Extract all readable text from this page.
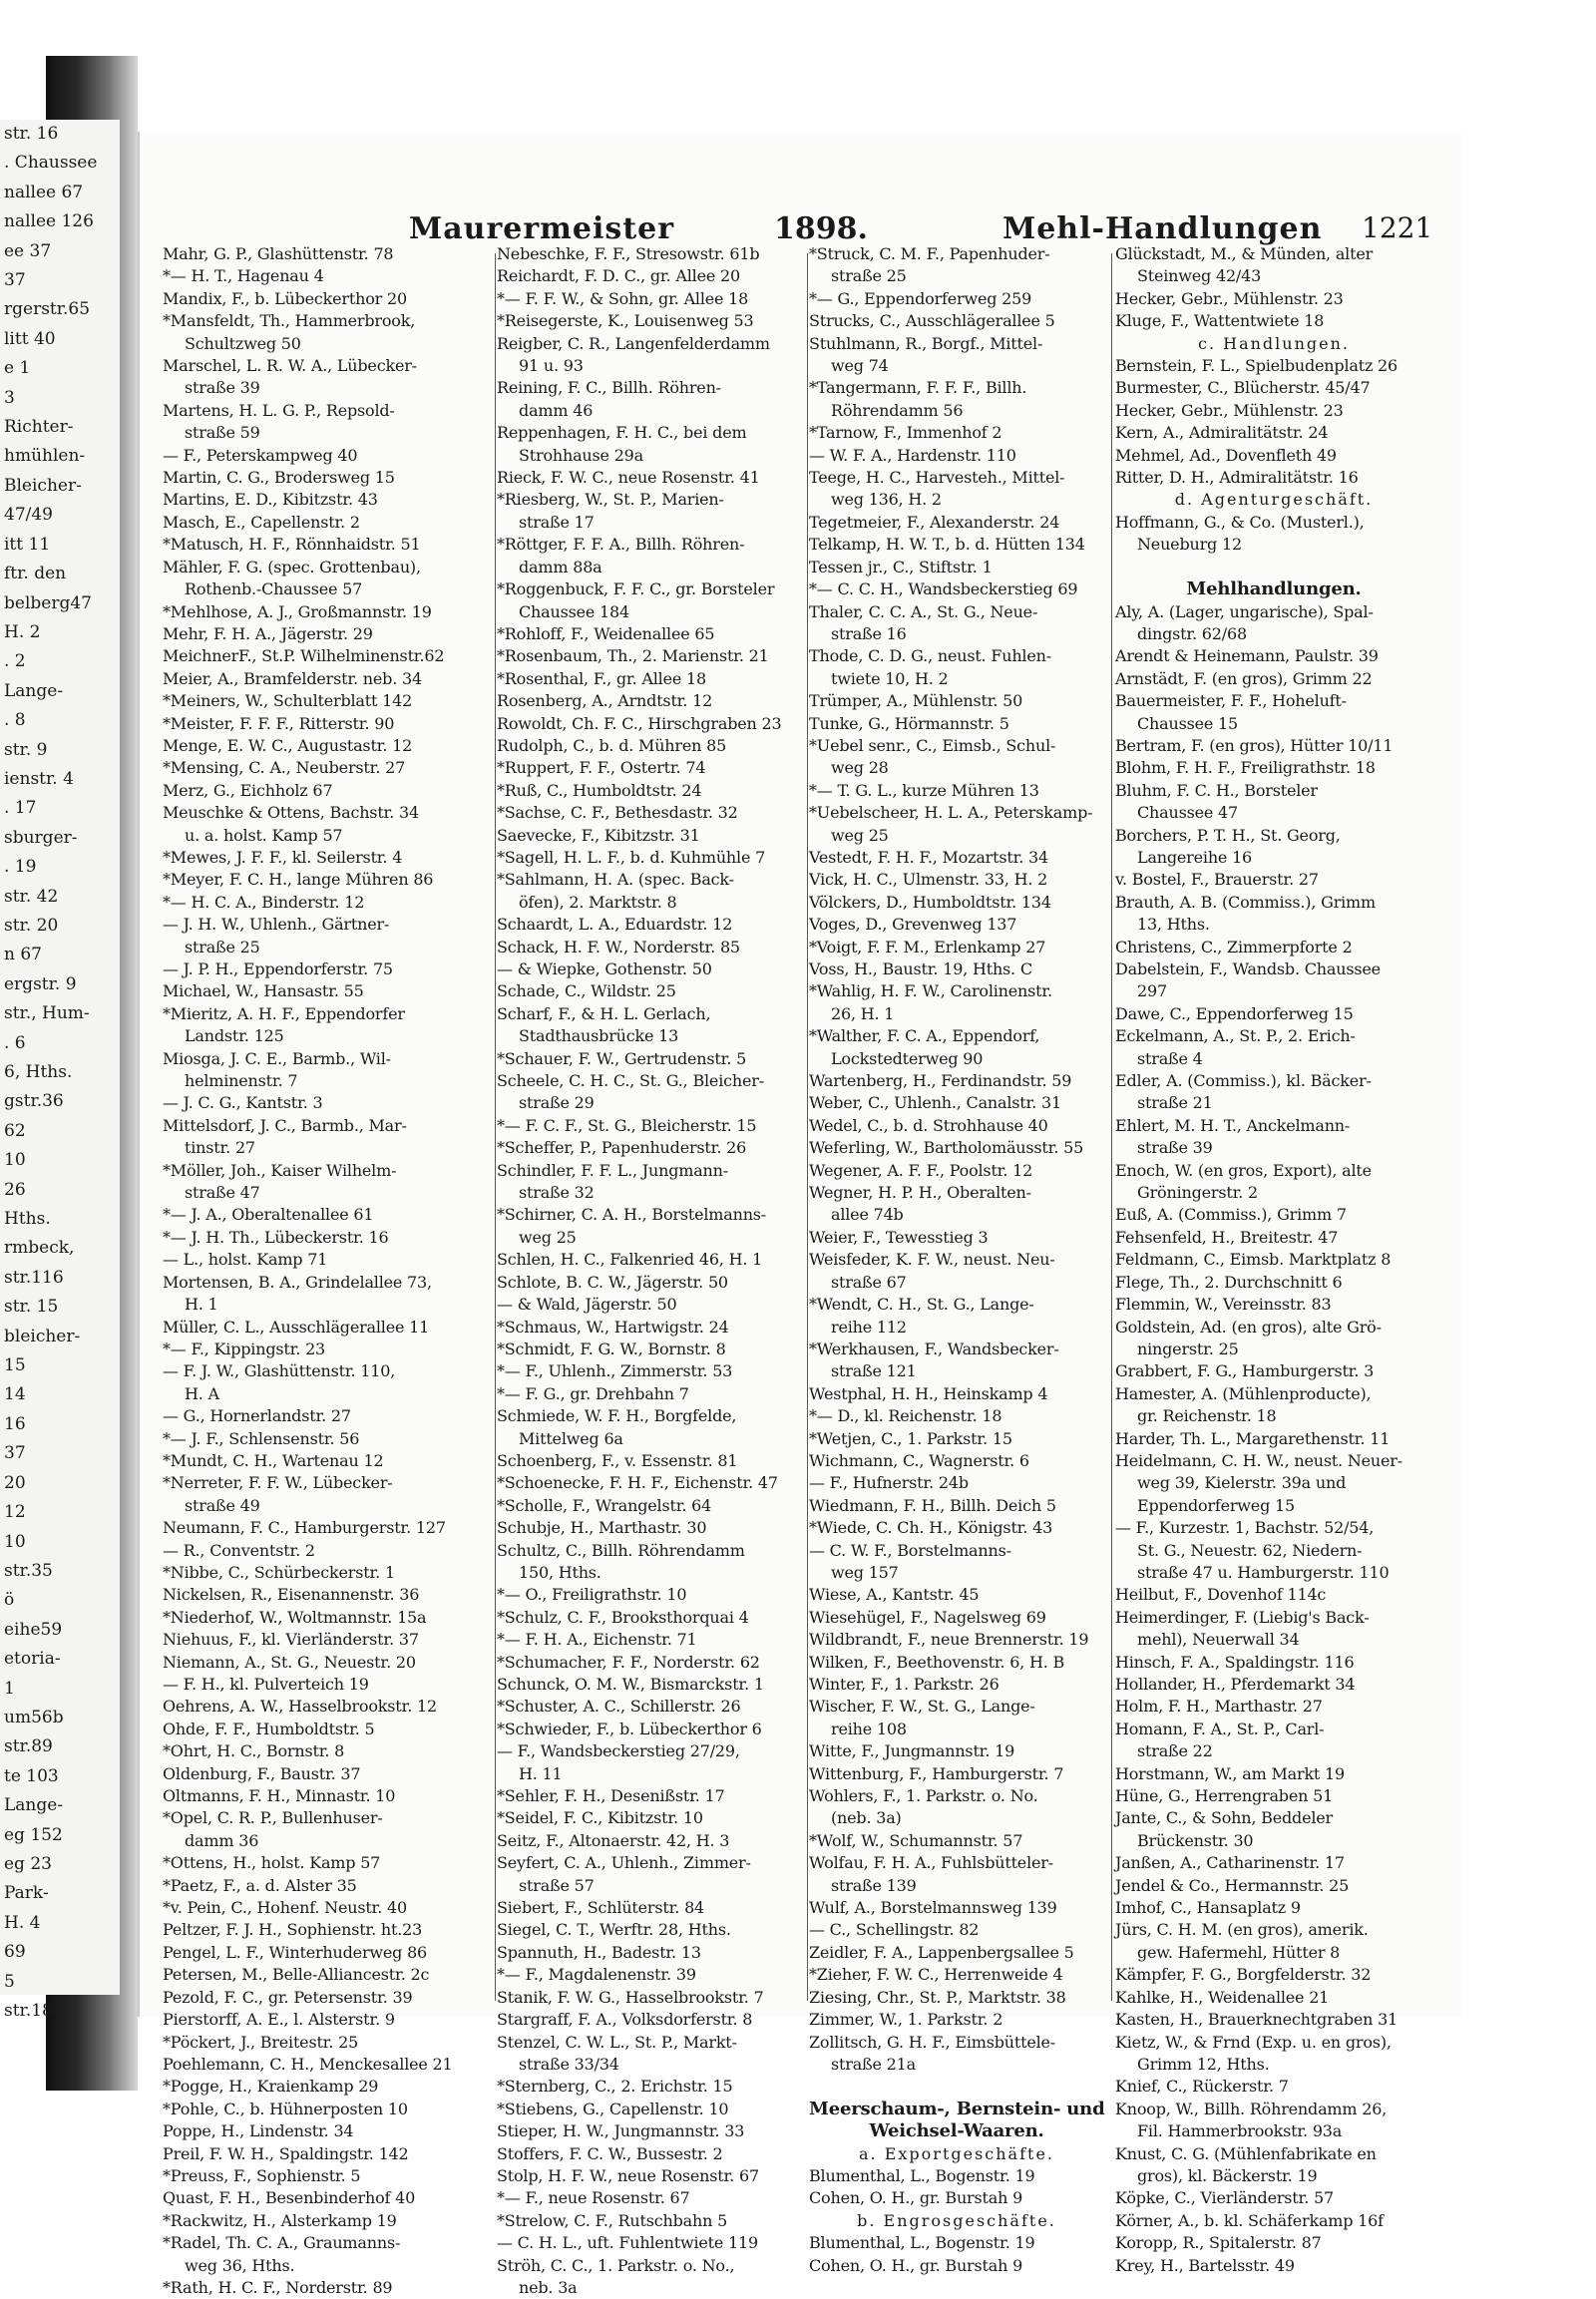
str. 16
. Chaussee
nallee 67
nallee 126
ee 37
37
rgerstr.65
litt 40
e 1
3
Richter-
hmühlen-
Bleicher-
47/49
itt 11
ftr. den
belberg47
H. 2
. 2
Lange-
. 8
str. 9
ienstr. 4
. 17
sburger-
. 19
str. 42
str. 20
n 67
ergstr. 9
str., Hum-
. 6
6, Hths.
gstr.36
62
10
26
Hths.
rmbeck,
str.116
str. 15
bleicher-
15
14
16
37
20
12
10
str.35
ö
eihe59
etoria-
1
um56b
str.89
te 103
Lange-
eg 152
eg 23
Park-
H. 4
69
5
str.18
Maurermeister	1898.	Mehl-Handlungen 1221
Mahr, G. P., Glashüttenstr. 78
*— H. T., Hagenau 4
Mandix, F., b. Lübeckerthor 20
*Mansfeldt, Th., Hammerbrook,
Schultzweg 50
Marschel, L. R. W. A., Lübecker-
straße 39
Martens, H. L. G. P., Repsold-
straße 59
— F., Peterskampweg 40
Martin, C. G., Brodersweg 15
Martins, E. D., Kibitzstr. 43
Masch, E., Capellenstr. 2
*Matusch, H. F., Rönnhaidstr. 51
Mähler, F. G. (spec. Grottenbau),
Rothenb.-Chaussee 57
*Mehlhose, A. J., Großmannstr. 19
Mehr, F. H. A., Jägerstr. 29
MeichnerF., St.P. Wilhelminenstr.62
Meier, A., Bramfelderstr. neb. 34
*Meiners, W., Schulterblatt 142
*Meister, F. F. F., Ritterstr. 90
Menge, E. W. C., Augustastr. 12
*Mensing, C. A., Neuberstr. 27
Merz, G., Eichholz 67
Meuschke & Ottens, Bachstr. 34
u. a. holst. Kamp 57
*Mewes, J. F. F., kl. Seilerstr. 4
*Meyer, F. C. H., lange Mühren 86
*— H. C. A., Binderstr. 12
— J. H. W., Uhlenh., Gärtner-
straße 25
— J. P. H., Eppendorferstr. 75
Michael, W., Hansastr. 55
*Mieritz, A. H. F., Eppendorfer
Landstr. 125
Miosga, J. C. E., Barmb., Wil-
helminenstr. 7
— J. C. G., Kantstr. 3
Mittelsdorf, J. C., Barmb., Mar-
tinstr. 27
*Möller, Joh., Kaiser Wilhelm-
straße 47
*— J. A., Oberaltenallee 61
*— J. H. Th., Lübeckerstr. 16
— L., holst. Kamp 71
Mortensen, B. A., Grindelallee 73,
H. 1
Müller, C. L., Ausschlägerallee 11
*— F., Kippingstr. 23
— F. J. W., Glashüttenstr. 110,
H. A
— G., Hornerlandstr. 27
*— J. F., Schlensenstr. 56
*Mundt, C. H., Wartenau 12
*Nerreter, F. F. W., Lübecker-
straße 49
Neumann, F. C., Hamburgerstr. 127
— R., Conventstr. 2
*Nibbe, C., Schürbeckerstr. 1
Nickelsen, R., Eisenannenstr. 36
*Niederhof, W., Woltmannstr. 15a
Niehuus, F., kl. Vierländerstr. 37
Niemann, A., St. G., Neuestr. 20
— F. H., kl. Pulverteich 19
Oehrens, A. W., Hasselbrookstr. 12
Ohde, F. F., Humboldtstr. 5
*Ohrt, H. C., Bornstr. 8
Oldenburg, F., Baustr. 37
Oltmanns, F. H., Minnastr. 10
*Opel, C. R. P., Bullenhuser-
damm 36
*Ottens, H., holst. Kamp 57
*Paetz, F., a. d. Alster 35
*v. Pein, C., Hohenf. Neustr. 40
Peltzer, F. J. H., Sophienstr. ht.23
Pengel, L. F., Winterhuderweg 86
Petersen, M., Belle-Alliancestr. 2c
Pezold, F. C., gr. Petersenstr. 39
Pierstorff, A. E., l. Alsterstr. 9
*Pöckert, J., Breitestr. 25
Poehlemann, C. H., Menckesallee 21
*Pogge, H., Kraienkamp 29
*Pohle, C., b. Hühnerposten 10
Poppe, H., Lindenstr. 34
Preil, F. W. H., Spaldingstr. 142
*Preuss, F., Sophienstr. 5
Quast, F. H., Besenbinderhof 40
*Rackwitz, H., Alsterkamp 19
*Radel, Th. C. A., Graumanns-
weg 36, Hths.
*Rath, H. C. F., Norderstr. 89
Nebeschke, F. F., Stresowstr. 61b
Reichardt, F. D. C., gr. Allee 20
*— F. F. W., & Sohn, gr. Allee 18
*Reisegerste, K., Louisenweg 53
Reigber, C. R., Langenfelderdamm
91 u. 93
Reining, F. C., Billh. Röhren-
damm 46
Reppenhagen, F. H. C., bei dem
Strohhause 29a
Rieck, F. W. C., neue Rosenstr. 41
*Riesberg, W., St. P., Marien-
straße 17
*Röttger, F. F. A., Billh. Röhren-
damm 88a
*Roggenbuck, F. F. C., gr. Borsteler
Chaussee 184
*Rohloff, F., Weidenallee 65
*Rosenbaum, Th., 2. Marienstr. 21
*Rosenthal, F., gr. Allee 18
Rosenberg, A., Arndtstr. 12
Rowoldt, Ch. F. C., Hirschgraben 23
Rudolph, C., b. d. Mühren 85
*Ruppert, F. F., Ostertr. 74
*Ruß, C., Humboldtstr. 24
*Sachse, C. F., Bethesdastr. 32
Saevecke, F., Kibitzstr. 31
*Sagell, H. L. F., b. d. Kuhmühle 7
*Sahlmann, H. A. (spec. Back-
öfen), 2. Marktstr. 8
Schaardt, L. A., Eduardstr. 12
Schack, H. F. W., Norderstr. 85
— & Wiepke, Gothenstr. 50
Schade, C., Wildstr. 25
Scharf, F., & H. L. Gerlach,
Stadthausbrücke 13
*Schauer, F. W., Gertrudenstr. 5
Scheele, C. H. C., St. G., Bleicher-
straße 29
*— F. C. F., St. G., Bleicherstr. 15
*Scheffer, P., Papenhuderstr. 26
Schindler, F. F. L., Jungmann-
straße 32
*Schirner, C. A. H., Borstelmanns-
weg 25
Schlen, H. C., Falkenried 46, H. 1
Schlote, B. C. W., Jägerstr. 50
— & Wald, Jägerstr. 50
*Schmaus, W., Hartwigstr. 24
*Schmidt, F. G. W., Bornstr. 8
*— F., Uhlenh., Zimmerstr. 53
*— F. G., gr. Drehbahn 7
Schmiede, W. F. H., Borgfelde,
Mittelweg 6a
Schoenberg, F., v. Essenstr. 81
*Schoenecke, F. H. F., Eichenstr. 47
*Scholle, F., Wrangelstr. 64
Schubje, H., Marthastr. 30
Schultz, C., Billh. Röhrendamm
150, Hths.
*— O., Freiligrathstr. 10
*Schulz, C. F., Brooksthorquai 4
*— F. H. A., Eichenstr. 71
*Schumacher, F. F., Norderstr. 62
Schunck, O. M. W., Bismarckstr. 1
*Schuster, A. C., Schillerstr. 26
*Schwieder, F., b. Lübeckerthor 6
— F., Wandsbeckerstieg 27/29,
H. 11
*Sehler, F. H., Desenißstr. 17
*Seidel, F. C., Kibitzstr. 10
Seitz, F., Altonaerstr. 42, H. 3
Seyfert, C. A., Uhlenh., Zimmer-
straße 57
Siebert, F., Schlüterstr. 84
Siegel, C. T., Werftr. 28, Hths.
Spannuth, H., Badestr. 13
*— F., Magdalenenstr. 39
Stanik, F. W. G., Hasselbrookstr. 7
Stargraff, F. A., Volksdorferstr. 8
Stenzel, C. W. L., St. P., Markt-
straße 33/34
*Sternberg, C., 2. Erichstr. 15
*Stiebens, G., Capellenstr. 10
Stieper, H. W., Jungmannstr. 33
Stoffers, F. C. W., Bussestr. 2
Stolp, H. F. W., neue Rosenstr. 67
*— F., neue Rosenstr. 67
*Strelow, C. F., Rutschbahn 5
— C. H. L., uft. Fuhlentwiete 119
Ströh, C. C., 1. Parkstr. o. No.,
neb. 3a
*Struck, C. M. F., Papenhuder-
straße 25
*— G., Eppendorferweg 259
Strucks, C., Ausschlägerallee 5
Stuhlmann, R., Borgf., Mittel-
weg 74
*Tangermann, F. F. F., Billh.
Röhrendamm 56
*Tarnow, F., Immenhof 2
— W. F. A., Hardenstr. 110
Teege, H. C., Harvesteh., Mittel-
weg 136, H. 2
Tegetmeier, F., Alexanderstr. 24
Telkamp, H. W. T., b. d. Hütten 134
Tessen jr., C., Stiftstr. 1
*— C. C. H., Wandsbeckerstieg 69
Thaler, C. C. A., St. G., Neue-
straße 16
Thode, C. D. G., neust. Fuhlen-
twiete 10, H. 2
Trümper, A., Mühlenstr. 50
Tunke, G., Hörmannstr. 5
*Uebel senr., C., Eimsb., Schul-
weg 28
*— T. G. L., kurze Mühren 13
*Uebelscheer, H. L. A., Peterskamp-
weg 25
Vestedt, F. H. F., Mozartstr. 34
Vick, H. C., Ulmenstr. 33, H. 2
Völckers, D., Humboldtstr. 134
Voges, D., Grevenweg 137
*Voigt, F. F. M., Erlenkamp 27
Voss, H., Baustr. 19, Hths. C
*Wahlig, H. F. W., Carolinenstr.
26, H. 1
*Walther, F. C. A., Eppendorf,
Lockstedterweg 90
Wartenberg, H., Ferdinandstr. 59
Weber, C., Uhlenh., Canalstr. 31
Wedel, C., b. d. Strohhause 40
Weferling, W., Bartholomäusstr. 55
Wegener, A. F. F., Poolstr. 12
Wegner, H. P. H., Oberalten-
allee 74b
Weier, F., Tewesstieg 3
Weisfeder, K. F. W., neust. Neu-
straße 67
*Wendt, C. H., St. G., Lange-
reihe 112
*Werkhausen, F., Wandsbecker-
straße 121
Westphal, H. H., Heinskamp 4
*— D., kl. Reichenstr. 18
*Wetjen, C., 1. Parkstr. 15
Wichmann, C., Wagnerstr. 6
— F., Hufnerstr. 24b
Wiedmann, F. H., Billh. Deich 5
*Wiede, C. Ch. H., Königstr. 43
— C. W. F., Borstelmanns-
weg 157
Wiese, A., Kantstr. 45
Wiesehügel, F., Nagelsweg 69
Wildbrandt, F., neue Brennerstr. 19
Wilken, F., Beethovenstr. 6, H. B
Winter, F., 1. Parkstr. 26
Wischer, F. W., St. G., Lange-
reihe 108
Witte, F., Jungmannstr. 19
Wittenburg, F., Hamburgerstr. 7
Wohlers, F., 1. Parkstr. o. No.
(neb. 3a)
*Wolf, W., Schumannstr. 57
Wolfau, F. H. A., Fuhlsbütteler-
straße 139
Wulf, A., Borstelmannsweg 139
— C., Schellingstr. 82
Zeidler, F. A., Lappenbergsallee 5
*Zieher, F. W. C., Herrenweide 4
Ziesing, Chr., St. P., Marktstr. 38
Zimmer, W., 1. Parkstr. 2
Zollitsch, G. H. F., Eimsbüttele-
straße 21a

Meerschaum-, Bernstein- und
Weichsel-Waaren.
a. Exportgeschäfte.
Blumenthal, L., Bogenstr. 19
Cohen, O. H., gr. Burstah 9
b. Engrosgeschäfte.
Blumenthal, L., Bogenstr. 19
Cohen, O. H., gr. Burstah 9
Glückstadt, M., & Münden, alter
Steinweg 42/43
Hecker, Gebr., Mühlenstr. 23
Kluge, F., Wattentwiete 18
c. Handlungen.
Bernstein, F. L., Spielbudenplatz 26
Burmester, C., Blücherstr. 45/47
Hecker, Gebr., Mühlenstr. 23
Kern, A., Admiralitätstr. 24
Mehmel, Ad., Dovenfleth 49
Ritter, D. H., Admiralitätstr. 16
d. Agenturgeschäft.
Hoffmann, G., & Co. (Musterl.),
Neueburg 12

Mehlhandlungen.
Aly, A. (Lager, ungarische), Spal-
dingstr. 62/68
Arendt & Heinemann, Paulstr. 39
Arnstädt, F. (en gros), Grimm 22
Bauermeister, F. F., Hoheluft-
Chaussee 15
Bertram, F. (en gros), Hütter 10/11
Blohm, F. H. F., Freiligrathstr. 18
Bluhm, F. C. H., Borsteler
Chaussee 47
Borchers, P. T. H., St. Georg,
Langereihe 16
v. Bostel, F., Brauerstr. 27
Brauth, A. B. (Commiss.), Grimm
13, Hths.
Christens, C., Zimmerpforte 2
Dabelstein, F., Wandsb. Chaussee
297
Dawe, C., Eppendorferweg 15
Eckelmann, A., St. P., 2. Erich-
straße 4
Edler, A. (Commiss.), kl. Bäcker-
straße 21
Ehlert, M. H. T., Anckelmann-
straße 39
Enoch, W. (en gros, Export), alte
Gröningerstr. 2
Euß, A. (Commiss.), Grimm 7
Fehsenfeld, H., Breitestr. 47
Feldmann, C., Eimsb. Marktplatz 8
Flege, Th., 2. Durchschnitt 6
Flemmin, W., Vereinsstr. 83
Goldstein, Ad. (en gros), alte Grö-
ningerstr. 25
Grabbert, F. G., Hamburgerstr. 3
Hamester, A. (Mühlenproducte),
gr. Reichenstr. 18
Harder, Th. L., Margarethenstr. 11
Heidelmann, C. H. W., neust. Neuer-
weg 39, Kielerstr. 39a und
Eppendorferweg 15
— F., Kurzestr. 1, Bachstr. 52/54,
St. G., Neuestr. 62, Niedern-
straße 47 u. Hamburgerstr. 110
Heilbut, F., Dovenhof 114c
Heimerdinger, F. (Liebig's Back-
mehl), Neuerwall 34
Hinsch, F. A., Spaldingstr. 116
Hollander, H., Pferdemarkt 34
Holm, F. H., Marthastr. 27
Homann, F. A., St. P., Carl-
straße 22
Horstmann, W., am Markt 19
Hüne, G., Herrengraben 51
Jante, C., & Sohn, Beddeler
Brückenstr. 30
Janßen, A., Catharinenstr. 17
Jendel & Co., Hermannstr. 25
Imhof, C., Hansaplatz 9
Jürs, C. H. M. (en gros), amerik.
gew. Hafermehl, Hütter 8
Kämpfer, F. G., Borgfelderstr. 32
Kahlke, H., Weidenallee 21
Kasten, H., Brauerknechtgraben 31
Kietz, W., & Frnd (Exp. u. en gros),
Grimm 12, Hths.
Knief, C., Rückerstr. 7
Knoop, W., Billh. Röhrendamm 26,
Fil. Hammerbrookstr. 93a
Knust, C. G. (Mühlenfabrikate en
gros), kl. Bäckerstr. 19
Köpke, C., Vierländerstr. 57
Körner, A., b. kl. Schäferkamp 16f
Koropp, R., Spitalerstr. 87
Krey, H., Bartelsstr. 49
